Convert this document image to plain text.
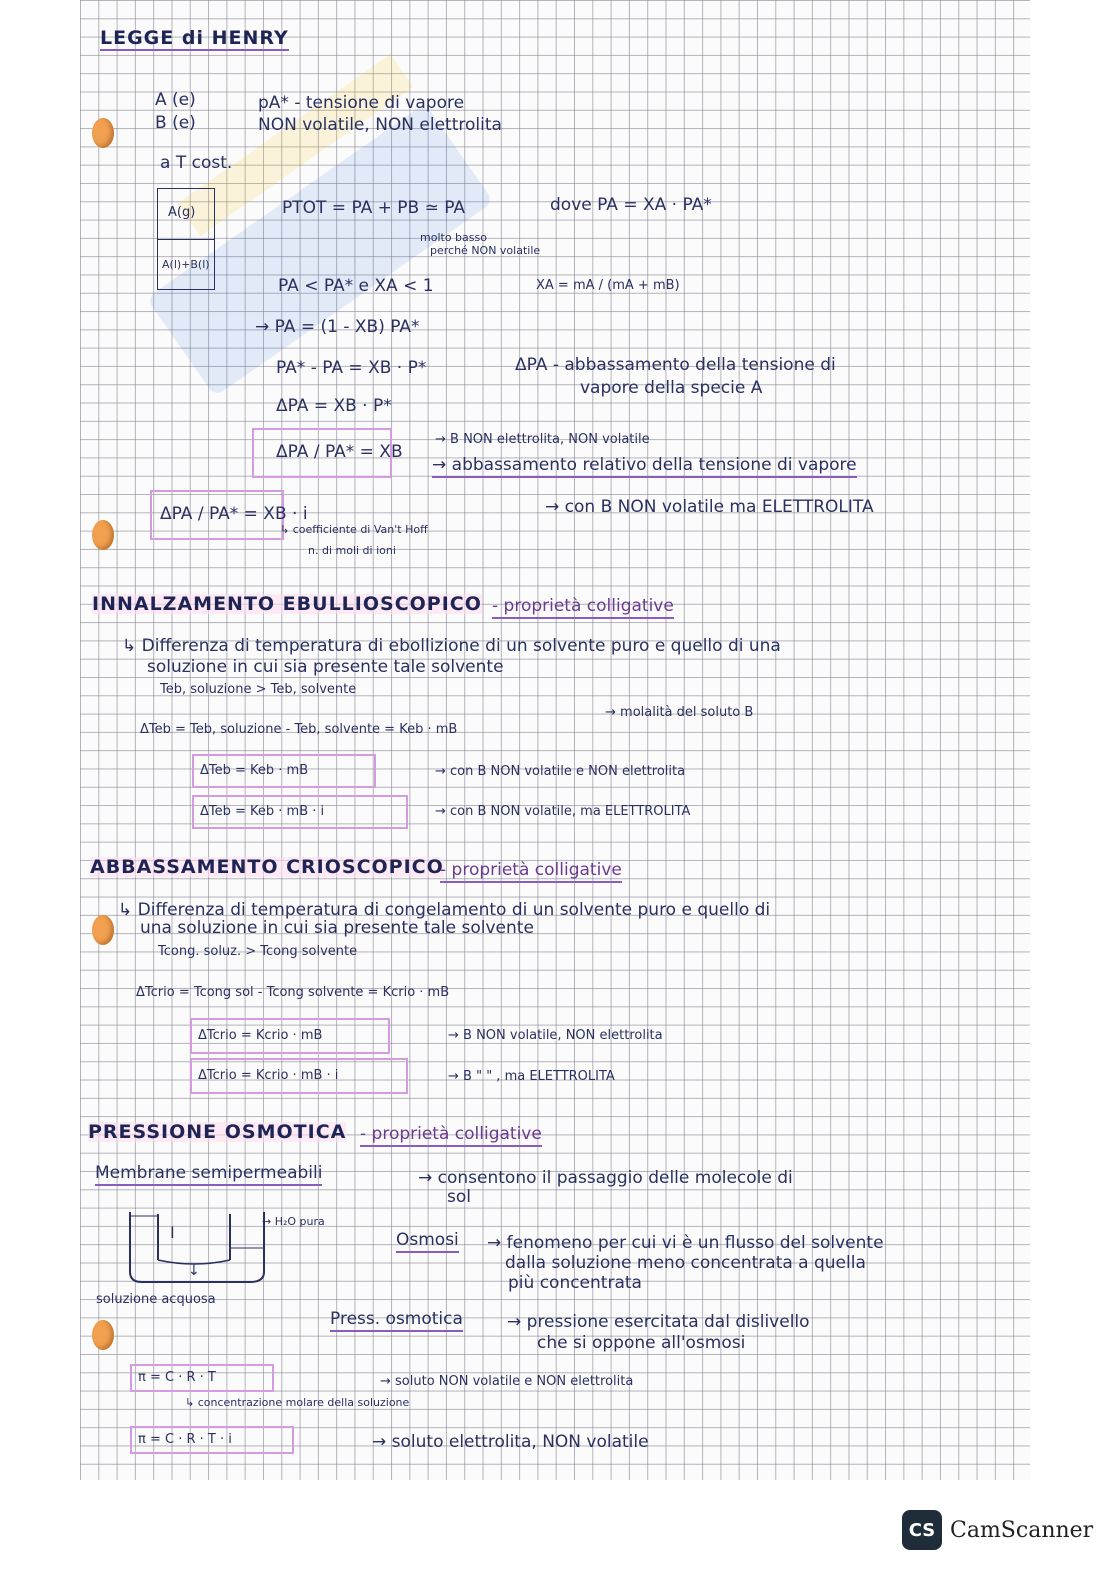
LEGGE di HENRY
A (e)
B (e)
pA* - tensione di vapore
NON volatile, NON elettrolita
a T cost.
A(g)
A(l)+B(l)
PTOT = PA + PB ≃ PA	dove PA = XA · PA*
molto basso
perché NON volatile
PA < PA* e XA < 1	XA = mA / (mA + mB)
→ PA = (1 - XB) PA*
PA* - PA = XB · P*	ΔPA - abbassamento della tensione di
vapore della specie A
ΔPA = XB · P*
ΔPA / PA* = XB
→ B NON elettrolita, NON volatile
→ abbassamento relativo della tensione di vapore
ΔPA / PA* = XB · i	→ con B NON volatile ma ELETTROLITA
↳ coefficiente di Van't Hoff
n. di moli di ioni
INNALZAMENTO EBULLIOSCOPICO - proprietà colligative
↳ Differenza di temperatura di ebollizione di un solvente puro e quello di una
soluzione in cui sia presente tale solvente
Teb, soluzione > Teb, solvente
→ molalità del soluto B
ΔTeb = Teb, soluzione - Teb, solvente = Keb · mB
ΔTeb = Keb · mB	→ con B NON volatile e NON elettrolita
ΔTeb = Keb · mB · i	→ con B NON volatile, ma ELETTROLITA
ABBASSAMENTO CRIOSCOPICO
- proprietà colligative
↳ Differenza di temperatura di congelamento di un solvente puro e quello di
una soluzione in cui sia presente tale solvente
Tcong. soluz. > Tcong solvente
ΔTcrio = Tcong sol - Tcong solvente = Kcrio · mB
ΔTcrio = Kcrio · mB	→ B NON volatile, NON elettrolita
ΔTcrio = Kcrio · mB · i	→ B " " , ma ELETTROLITA
PRESSIONE OSMOTICA - proprietà colligative
Membrane semipermeabili	→ consentono il passaggio delle molecole di
sol
I
↓
→ H₂O pura
soluzione acquosa
Osmosi → fenomeno per cui vi è un flusso del solvente
dalla soluzione meno concentrata a quella
più concentrata
Press. osmotica	→ pressione esercitata dal dislivello
che si oppone all'osmosi
π = C · R · T
↳ concentrazione molare della soluzione
→ soluto NON volatile e NON elettrolita
π = C · R · T · i	→ soluto elettrolita, NON volatile
CS CamScanner
